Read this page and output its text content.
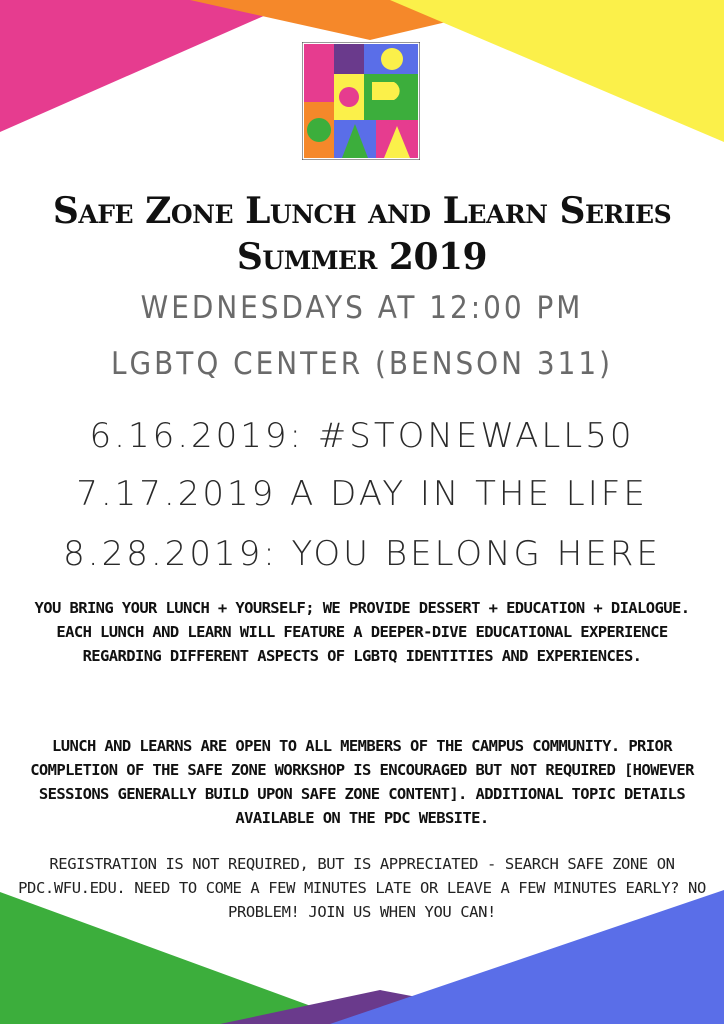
Safe Zone Lunch and Learn Series
Summer 2019
WEDNESDAYS AT 12:00 PM
LGBTQ CENTER (BENSON 311)
6.16.2019: #STONEWALL50
7.17.2019 A DAY IN THE LIFE
8.28.2019: YOU BELONG HERE
YOU BRING YOUR LUNCH + YOURSELF; WE PROVIDE DESSERT + EDUCATION + DIALOGUE. EACH LUNCH AND LEARN WILL FEATURE A DEEPER-DIVE EDUCATIONAL EXPERIENCE REGARDING DIFFERENT ASPECTS OF LGBTQ IDENTITIES AND EXPERIENCES.
LUNCH AND LEARNS ARE OPEN TO ALL MEMBERS OF THE CAMPUS COMMUNITY. PRIOR COMPLETION OF THE SAFE ZONE WORKSHOP IS ENCOURAGED BUT NOT REQUIRED [HOWEVER SESSIONS GENERALLY BUILD UPON SAFE ZONE CONTENT]. ADDITIONAL TOPIC DETAILS AVAILABLE ON THE PDC WEBSITE.
REGISTRATION IS NOT REQUIRED, BUT IS APPRECIATED - SEARCH SAFE ZONE ON PDC.WFU.EDU. NEED TO COME A FEW MINUTES LATE OR LEAVE A FEW MINUTES EARLY? NO PROBLEM! JOIN US WHEN YOU CAN!
